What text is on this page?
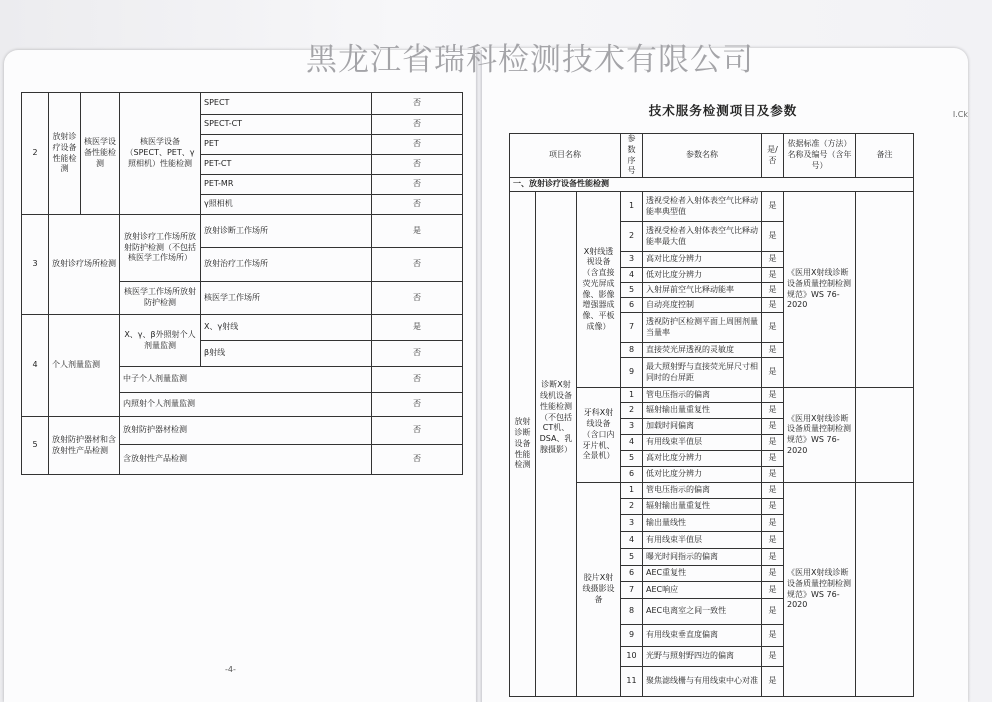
黑龙江省瑞科检测技术有限公司
2	放射诊疗设备性能检测	核医学设备性能检测	核医学设备（SPECT、PET、γ照相机）性能检测	SPECT	否
				SPECT-CT	否
				PET	否
				PET-CT	否
				PET-MR	否
				γ照相机	否
3	放射诊疗场所检测		放射诊疗工作场所放射防护检测（不包括核医学工作场所）	放射诊断工作场所	是
				放射治疗工作场所	否
			核医学工作场所放射防护检测	核医学工作场所	否
4	个人剂量监测		X、γ、β外照射个人剂量监测	X、γ射线	是
				β射线	否
			中子个人剂量监测		否
			内照射个人剂量监测		否
5	放射防护器材和含放射性产品检测		放射防护器材检测		否
			含放射性产品检测		否
-4-
I.Ck
技术服务检测项目及参数
项目名称			参数序号	参数名称	是/否	依据标准（方法）名称及编号（含年号）	备注
一、放射诊疗设备性能检测							
放射诊断设备性能检测	诊断X射线机设备性能检测（不包括CT机、DSA、乳腺摄影）	X射线透视设备（含直接荧光屏成像、影像增强器成像、平板成像）	1	透视受检者入射体表空气比释动能率典型值	是	《医用X射线诊断设备质量控制检测规范》WS 76-2020	
			2	透视受检者入射体表空气比释动能率最大值	是		
			3	高对比度分辨力	是		
			4	低对比度分辨力	是		
			5	入射屏前空气比释动能率	是		
			6	自动亮度控制	是		
			7	透视防护区检测平面上周围剂量当量率	是		
			8	直接荧光屏透视的灵敏度	是		
			9	最大照射野与直接荧光屏尺寸相同时的台屏距	是		
		牙科X射线设备（含口内牙片机、全景机）	1	管电压指示的偏离	是	《医用X射线诊断设备质量控制检测规范》WS 76-2020	
			2	辐射输出量重复性	是		
			3	加载时间偏离	是		
			4	有用线束半值层	是		
			5	高对比度分辨力	是		
			6	低对比度分辨力	是		
		胶片X射线摄影设备	1	管电压指示的偏离	是	《医用X射线诊断设备质量控制检测规范》WS 76-2020	
			2	辐射输出量重复性	是		
			3	输出量线性	是		
			4	有用线束半值层	是		
			5	曝光时间指示的偏离	是		
			6	AEC重复性	是		
			7	AEC响应	是		
			8	AEC电离室之间一致性	是		
			9	有用线束垂直度偏离	是		
			10	光野与照射野四边的偏离	是		
			11	聚焦滤线栅与有用线束中心对准	是		
